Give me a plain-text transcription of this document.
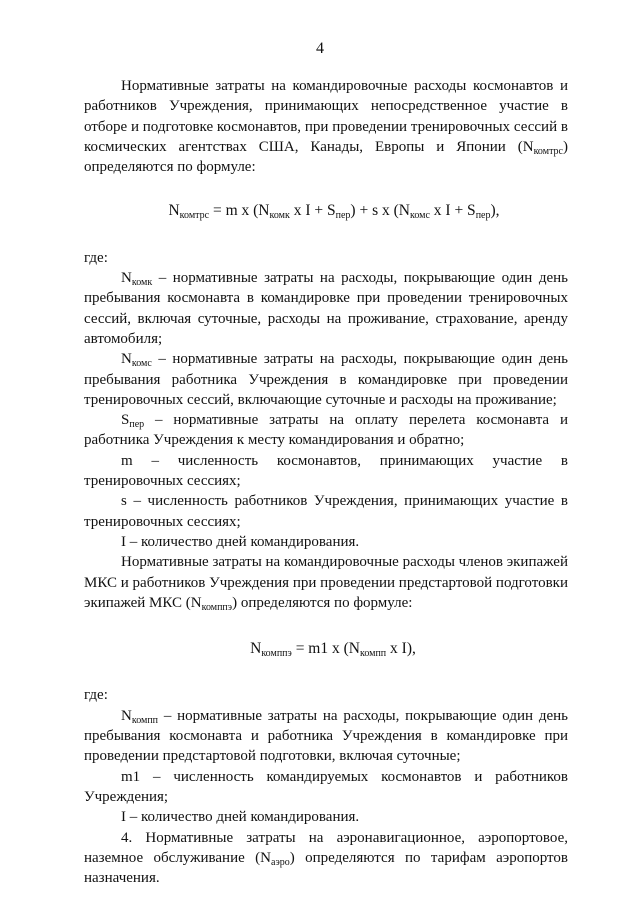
4

Нормативные затраты на командировочные расходы космонавтов и работников Учреждения, принимающих непосредственное участие в отборе и подготовке космонавтов, при проведении тренировочных сессий в космических агентствах США, Канады, Европы и Японии $(N_{комтрс})$ определяются по формуле:

$N_{комтрс} = m$ x ($N_{комк}$ x $I + S_{пер}) + s$ x ($N_{комс}$ x $I + S_{пер}$),

где:

$N_{комк}$ – нормативные затраты на расходы, покрывающие один день пребывания космонавта в командировке при проведении тренировочных сессий, включая суточные, расходы на проживание, страхование, аренду автомобиля;

$N_{комс}$ – нормативные затраты на расходы, покрывающие один день пребывания работника Учреждения в командировке при проведении тренировочных сессий, включающие суточные и расходы на проживание;

$S_{пер}$ – нормативные затраты на оплату перелета космонавта и работника Учреждения к месту командирования и обратно;

m  –  численность  космонавтов,  принимающих  участие  в тренировочных сессиях;

s – численность работников Учреждения, принимающих участие в тренировочных сессиях;

I – количество дней командирования.

Нормативные затраты на командировочные расходы членов экипажей МКС и работников Учреждения при проведении предстартовой подготовки экипажей МКС $(N_{комппэ})$ определяются по формуле:

$N_{комппэ} = m1$ x ($N_{компп}$ x I),

где:

$N_{компп}$ – нормативные затраты на расходы, покрывающие один день пребывания космонавта и работника Учреждения в командировке при проведении предстартовой подготовки, включая суточные;

m1 – численность командируемых космонавтов и работников Учреждения;

I – количество дней командирования.

4. Нормативные затраты на аэронавигационное, аэропортовое, наземное обслуживание $(N_{аэро})$ определяются по тарифам аэропортов назначения.
